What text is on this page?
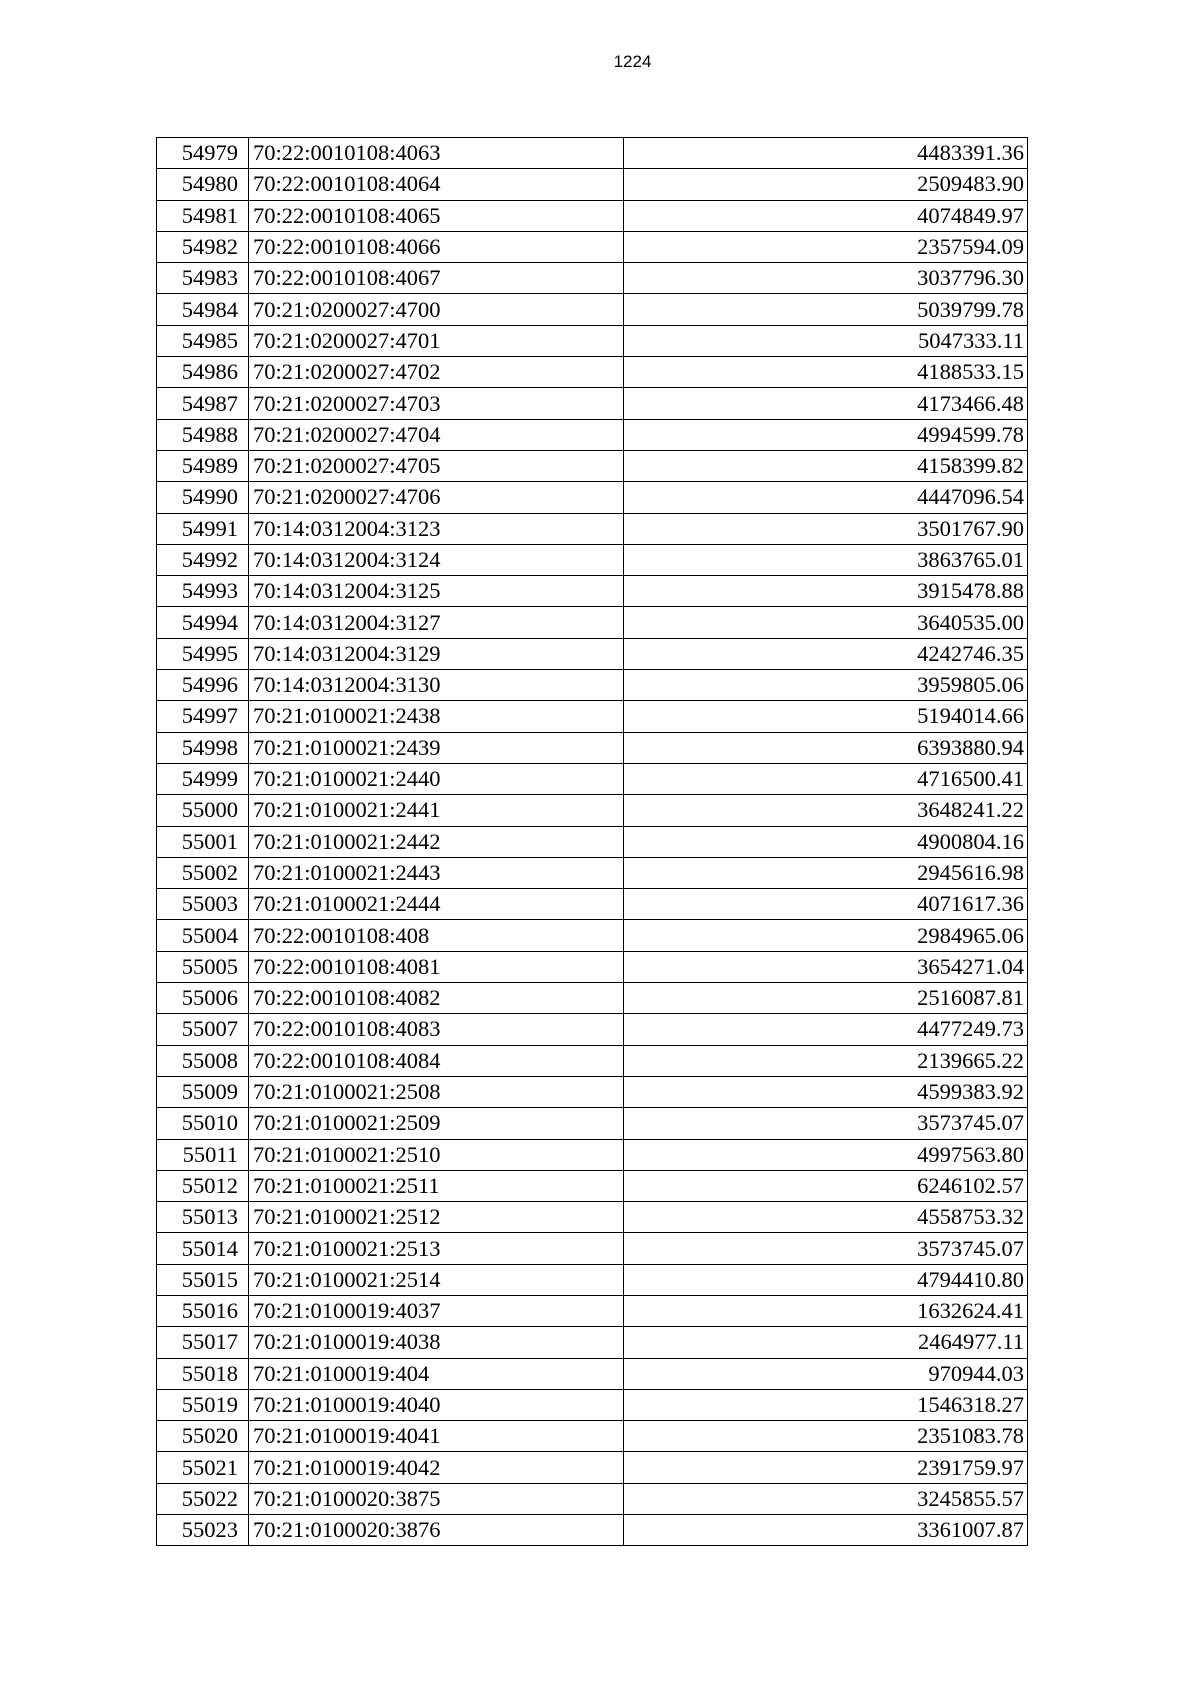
1224
54979	70:22:0010108:4063	4483391.36
54980	70:22:0010108:4064	2509483.90
54981	70:22:0010108:4065	4074849.97
54982	70:22:0010108:4066	2357594.09
54983	70:22:0010108:4067	3037796.30
54984	70:21:0200027:4700	5039799.78
54985	70:21:0200027:4701	5047333.11
54986	70:21:0200027:4702	4188533.15
54987	70:21:0200027:4703	4173466.48
54988	70:21:0200027:4704	4994599.78
54989	70:21:0200027:4705	4158399.82
54990	70:21:0200027:4706	4447096.54
54991	70:14:0312004:3123	3501767.90
54992	70:14:0312004:3124	3863765.01
54993	70:14:0312004:3125	3915478.88
54994	70:14:0312004:3127	3640535.00
54995	70:14:0312004:3129	4242746.35
54996	70:14:0312004:3130	3959805.06
54997	70:21:0100021:2438	5194014.66
54998	70:21:0100021:2439	6393880.94
54999	70:21:0100021:2440	4716500.41
55000	70:21:0100021:2441	3648241.22
55001	70:21:0100021:2442	4900804.16
55002	70:21:0100021:2443	2945616.98
55003	70:21:0100021:2444	4071617.36
55004	70:22:0010108:408	2984965.06
55005	70:22:0010108:4081	3654271.04
55006	70:22:0010108:4082	2516087.81
55007	70:22:0010108:4083	4477249.73
55008	70:22:0010108:4084	2139665.22
55009	70:21:0100021:2508	4599383.92
55010	70:21:0100021:2509	3573745.07
55011	70:21:0100021:2510	4997563.80
55012	70:21:0100021:2511	6246102.57
55013	70:21:0100021:2512	4558753.32
55014	70:21:0100021:2513	3573745.07
55015	70:21:0100021:2514	4794410.80
55016	70:21:0100019:4037	1632624.41
55017	70:21:0100019:4038	2464977.11
55018	70:21:0100019:404	970944.03
55019	70:21:0100019:4040	1546318.27
55020	70:21:0100019:4041	2351083.78
55021	70:21:0100019:4042	2391759.97
55022	70:21:0100020:3875	3245855.57
55023	70:21:0100020:3876	3361007.87
